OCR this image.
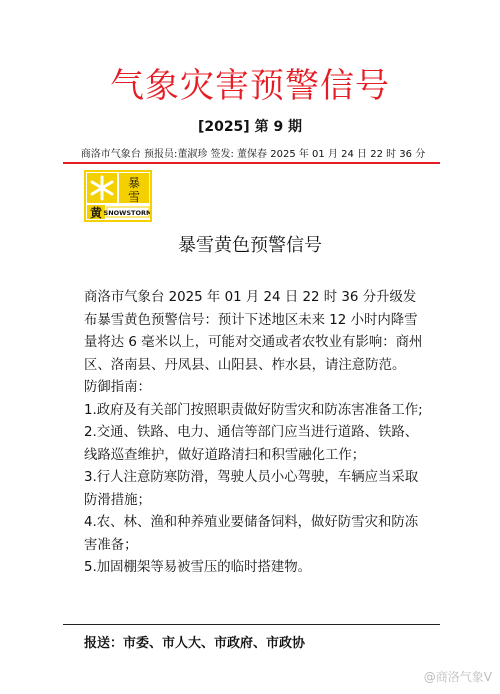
气象灾害预警信号
[2025] 第 9 期
商洛市气象台 预报员:董淑珍 签发: 董保春 2025 年 01 月 24 日 22 时 36 分
暴
雪
黄 SNOWSTORM
暴雪黄色预警信号

商洛市气象台 2025 年 01 月 24 日 22 时 36 分升级发布暴雪黄色预警信号：预计下述地区未来 12 小时内降雪量将达 6 毫米以上，可能对交通或者农牧业有影响：商州区、洛南县、丹凤县、山阳县、柞水县，请注意防范。

防御指南：

1.政府及有关部门按照职责做好防雪灾和防冻害准备工作;

2.交通、铁路、电力、通信等部门应当进行道路、铁路、线路巡查维护，做好道路清扫和积雪融化工作；

3.行人注意防寒防滑，驾驶人员小心驾驶，车辆应当采取防滑措施；

4.农、林、渔和种养殖业要储备饲料，做好防雪灾和防冻害准备；

5.加固棚架等易被雪压的临时搭建物。

报送：市委、市人大、市政府、市政协
@商洛气象V
